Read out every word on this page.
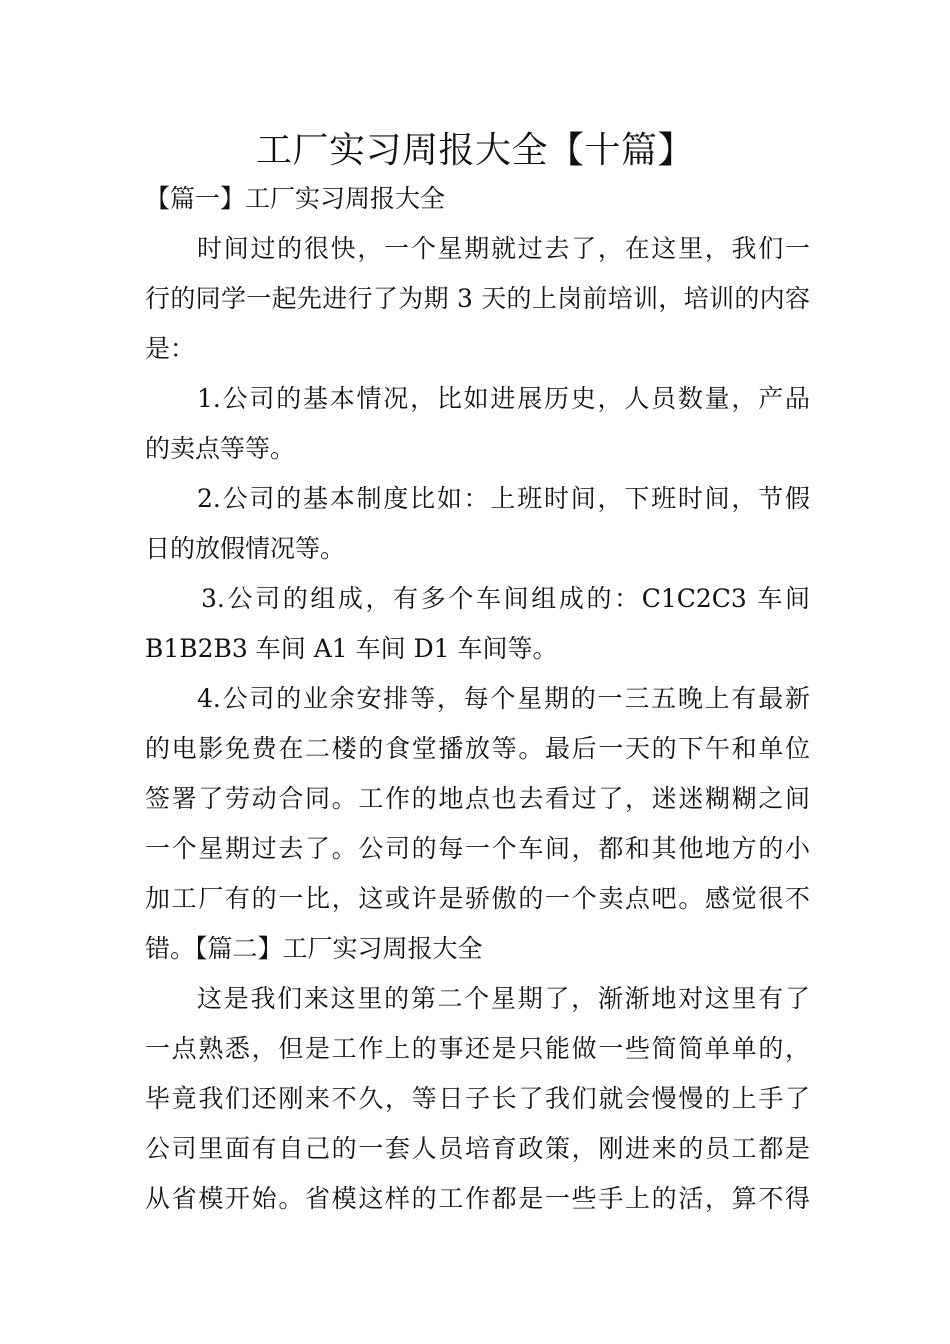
工厂实习周报大全【十篇】
【篇一】工厂实习周报大全
时间过的很快，一个星期就过去了，在这里，我们一
行的同学一起先进行了为期 3 天的上岗前培训，培训的内容
是：
1.公司的基本情况，比如进展历史，人员数量，产品
的卖点等等。
2.公司的基本制度比如：上班时间，下班时间，节假
日的放假情况等。
3.公司的组成，有多个车间组成的：C1C2C3 车间
B1B2B3 车间 A1 车间 D1 车间等。
4.公司的业余安排等，每个星期的一三五晚上有最新
的电影免费在二楼的食堂播放等。最后一天的下午和单位
签署了劳动合同。工作的地点也去看过了，迷迷糊糊之间
一个星期过去了。公司的每一个车间，都和其他地方的小
加工厂有的一比，这或许是骄傲的一个卖点吧。感觉很不
错。【篇二】工厂实习周报大全
这是我们来这里的第二个星期了，渐渐地对这里有了
一点熟悉，但是工作上的事还是只能做一些简简单单的，
毕竟我们还刚来不久，等日子长了我们就会慢慢的上手了
公司里面有自己的一套人员培育政策，刚进来的员工都是
从省模开始。省模这样的工作都是一些手上的活，算不得
